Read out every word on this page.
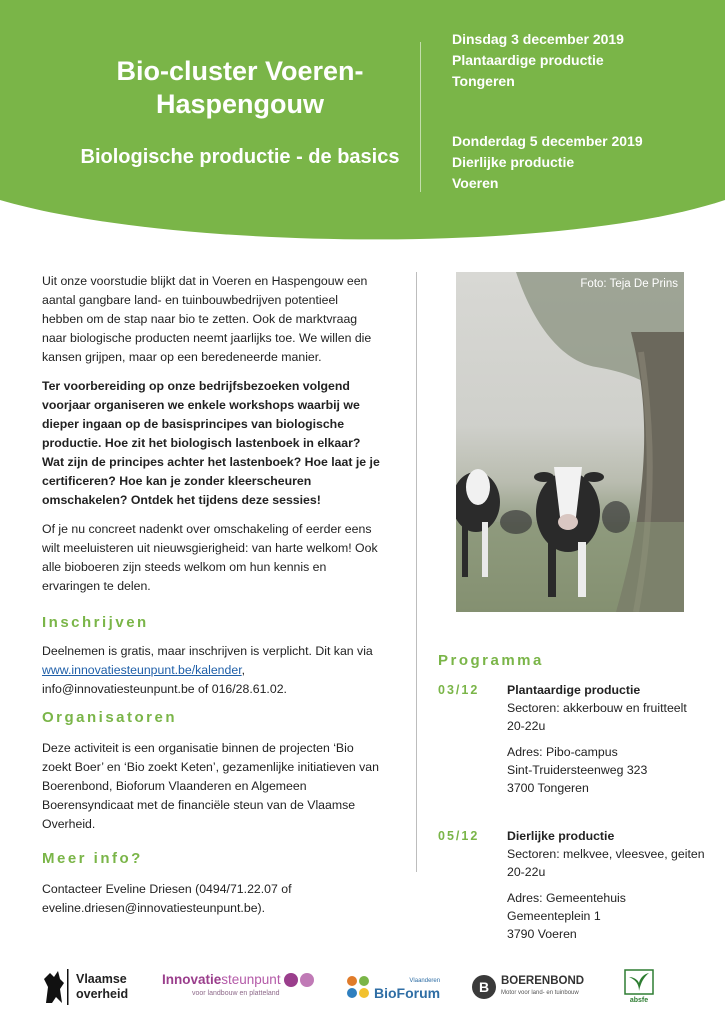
Bio-cluster Voeren-Haspengouw
Biologische productie - de basics
Dinsdag 3 december 2019
Plantaardige productie
Tongeren
Donderdag 5 december 2019
Dierlijke productie
Voeren

Uit onze voorstudie blijkt dat in Voeren en Haspengouw een aantal gangbare land- en tuinbouwbedrijven potentieel hebben om de stap naar bio te zetten. Ook de marktvraag naar biologische producten neemt jaarlijks toe. We willen die kansen grijpen, maar op een beredeneerde manier.

Ter voorbereiding op onze bedrijfsbezoeken volgend voorjaar organiseren we enkele workshops waarbij we dieper ingaan op de basisprincipes van biologische productie. Hoe zit het biologisch lastenboek in elkaar? Wat zijn de principes achter het lastenboek? Hoe laat je je certificeren? Hoe kan je zonder kleerscheuren omschakelen? Ontdek het tijdens deze sessies!

Of je nu concreet nadenkt over omschakeling of eerder eens wilt meeluisteren uit nieuwsgierigheid: van harte welkom! Ook alle bioboeren zijn steeds welkom om hun kennis en ervaringen te delen.

Inschrijven
Deelnemen is gratis, maar inschrijven is verplicht. Dit kan via www.innovatiesteunpunt.be/kalender, info@innovatiesteunpunt.be of 016/28.61.02.
Organisatoren
Deze activiteit is een organisatie binnen de projecten ‘Bio zoekt Boer’ en ‘Bio zoekt Keten’, gezamenlijke initiatieven van Boerenbond, Bioforum Vlaanderen en Algemeen Boerensyndicaat met de financiële steun van de Vlaamse Overheid.
Meer info?
Contacteer Eveline Driesen (0494/71.22.07 of eveline.driesen@innovatiesteunpunt.be).
Foto: Teja De Prins
Programma
03/12 Plantaardige productie
Sectoren: akkerbouw en fruitteelt
20-22u
Adres: Pibo-campus
Sint-Truidersteenweg 323
3700 Tongeren
05/12 Dierlijke productie
Sectoren: melkvee, vleesvee, geiten
20-22u
Adres: Gemeentehuis
Gemeenteplein 1
3790 Voeren
Vlaamse
overheid
Innovatiesteunpunt
voor landbouw en platteland
Vlaanderen
BioForum	B BOERENBOND
Motor voor land- en tuinbouw
absfe
